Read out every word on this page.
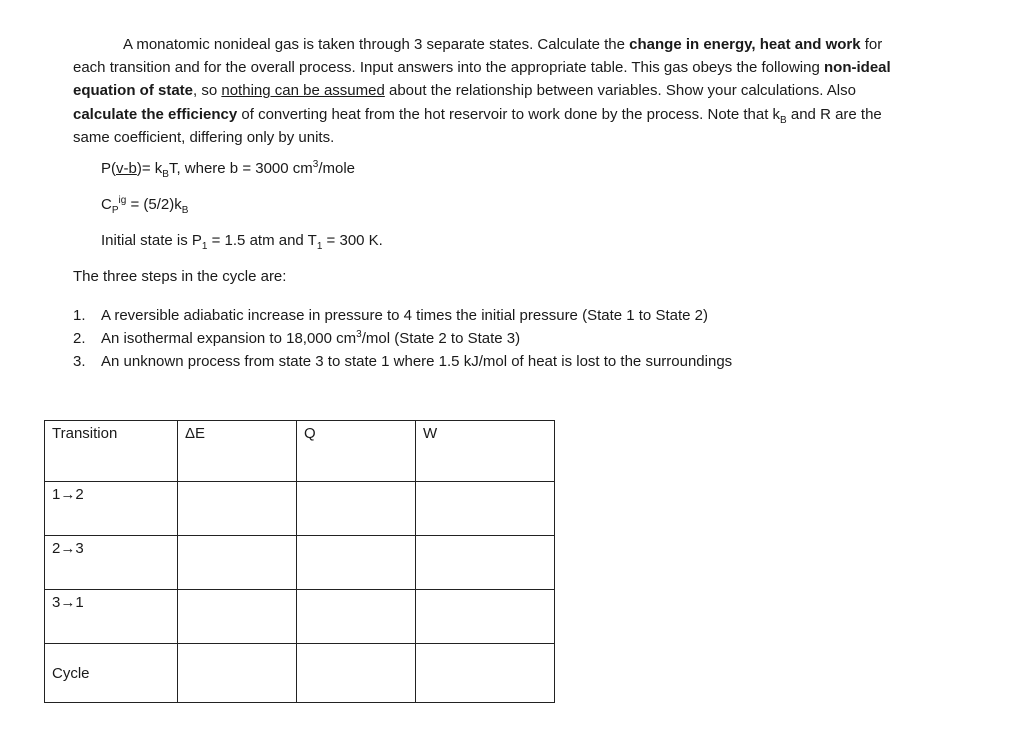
A monatomic nonideal gas is taken through 3 separate states. Calculate the change in energy, heat and work for each transition and for the overall process. Input answers into the appropriate table. This gas obeys the following non-ideal equation of state, so nothing can be assumed about the relationship between variables. Show your calculations. Also calculate the efficiency of converting heat from the hot reservoir to work done by the process. Note that $k_B$ and R are the same coefficient, differing only by units.

$P(v-b)= k_BT$, where b = 3000 $cm^3$/mole
$C_P^{ig} = (5/2)k_B$
Initial state is $P_1 = 1.5$ atm and $T_1 = 300$ K.
The three steps in the cycle are:
1. A reversible adiabatic increase in pressure to 4 times the initial pressure (State 1 to State 2)
2. An isothermal expansion to 18,000 $cm^3$/mol (State 2 to State 3)
3. An unknown process from state 3 to state 1 where 1.5 kJ/mol of heat is lost to the surroundings
Transition	ΔE	Q	W
1→2			
2→3			
3→1			
Cycle			
